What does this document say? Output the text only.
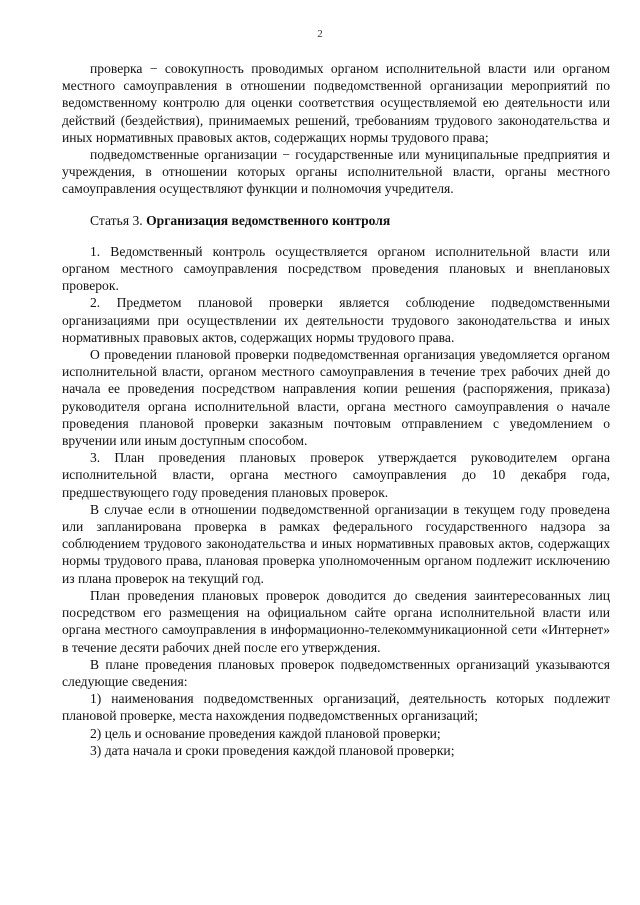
2

проверка − совокупность проводимых органом исполнительной власти или органом местного самоуправления в отношении подведомственной организации мероприятий по ведомственному контролю для оценки соответствия осуществляемой ею деятельности или действий (бездействия), принимаемых решений, требованиям трудового законодательства и иных нормативных правовых актов, содержащих нормы трудового права;

подведомственные организации − государственные или муниципальные предприятия и учреждения, в отношении которых органы исполнительной власти, органы местного самоуправления осуществляют функции и полномочия учредителя.

Статья 3. Организация ведомственного контроля

1. Ведомственный контроль осуществляется органом исполнительной власти или органом местного самоуправления посредством проведения плановых и внеплановых проверок.

2. Предметом плановой проверки является соблюдение подведомственными организациями при осуществлении их деятельности трудового законодательства и иных нормативных правовых актов, содержащих нормы трудового права.

О проведении плановой проверки подведомственная организация уведомляется органом исполнительной власти, органом местного самоуправления в течение трех рабочих дней до начала ее проведения посредством направления копии решения (распоряжения, приказа) руководителя органа исполнительной власти, органа местного самоуправления о начале проведения плановой проверки заказным почтовым отправлением с уведомлением о вручении или иным доступным способом.

3. План проведения плановых проверок утверждается руководителем органа исполнительной власти, органа местного самоуправления до 10 декабря года, предшествующего году проведения плановых проверок.

В случае если в отношении подведомственной организации в текущем году проведена или запланирована проверка в рамках федерального государственного надзора за соблюдением трудового законодательства и иных нормативных правовых актов, содержащих нормы трудового права, плановая проверка уполномоченным органом подлежит исключению из плана проверок на текущий год.

План проведения плановых проверок доводится до сведения заинтересованных лиц посредством его размещения на официальном сайте органа исполнительной власти или органа местного самоуправления в информационно-телекоммуникационной сети «Интернет» в течение десяти рабочих дней после его утверждения.

В плане проведения плановых проверок подведомственных организаций указываются следующие сведения:

1) наименования подведомственных организаций, деятельность которых подлежит плановой проверке, места нахождения подведомственных организаций;

2) цель и основание проведения каждой плановой проверки;

3) дата начала и сроки проведения каждой плановой проверки;
